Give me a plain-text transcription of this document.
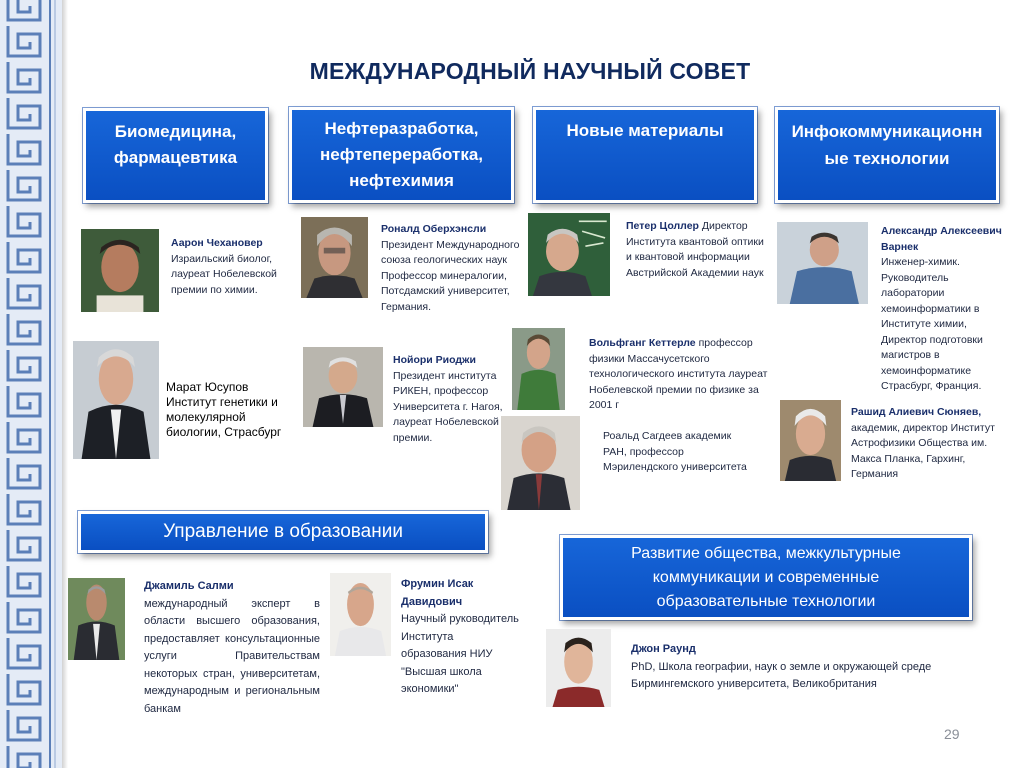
МЕЖДУНАРОДНЫЙ НАУЧНЫЙ СОВЕТ
Биомедицина, фармацевтика
Нефтеразработка, нефтепереработка, нефтехимия
Новые материалы	Инфокоммуникационные технологии
Управление в образовании
Развитие общества, межкультурные коммуникации и современные образовательные технологии
Аарон Чехановер
Израильский биолог, лауреат Нобелевской премии по химии.
Марат Юсупов
Институт генетики и молекулярной биологии, Страсбург
Роналд Оберхэнсли
Президент Международного союза геологических наук Профессор минералогии, Потсдамский университет, Германия.
Нойори Риоджи
Президент института РИКЕН, профессор Университета г. Нагоя, лауреат Нобелевской премии.
Петер Цоллер Директор Института квантовой оптики и квантовой информации Австрийской Академии наук
Вольфганг Кеттерле профессор физики Массачусетского технологического института лауреат Нобелевской премии по физике за 2001 г
Роальд Сагдеев академик РАН, профессор Мэрилендского университета
Александр Алексеевич Варнек
Инженер-химик. Руководитель лаборатории хемоинформатики в Институте химии, Директор подготовки магистров в хемоинформатике Страсбург, Франция.
Рашид Алиевич Сюняев, академик, директор Институт Астрофизики Общества им. Макса Планка, Гархинг, Германия
Джамиль Салми
международный эксперт в области высшего образования, предоставляет консультационные услуги Правительствам некоторых стран, университетам, международным и региональным банкам
Фрумин Исак Давидович
Научный руководитель Института образования НИУ "Высшая школа экономики"
Джон Раунд
PhD, Школа географии, наук о земле и окружающей среде Бирмингемского университета, Великобритания
29
